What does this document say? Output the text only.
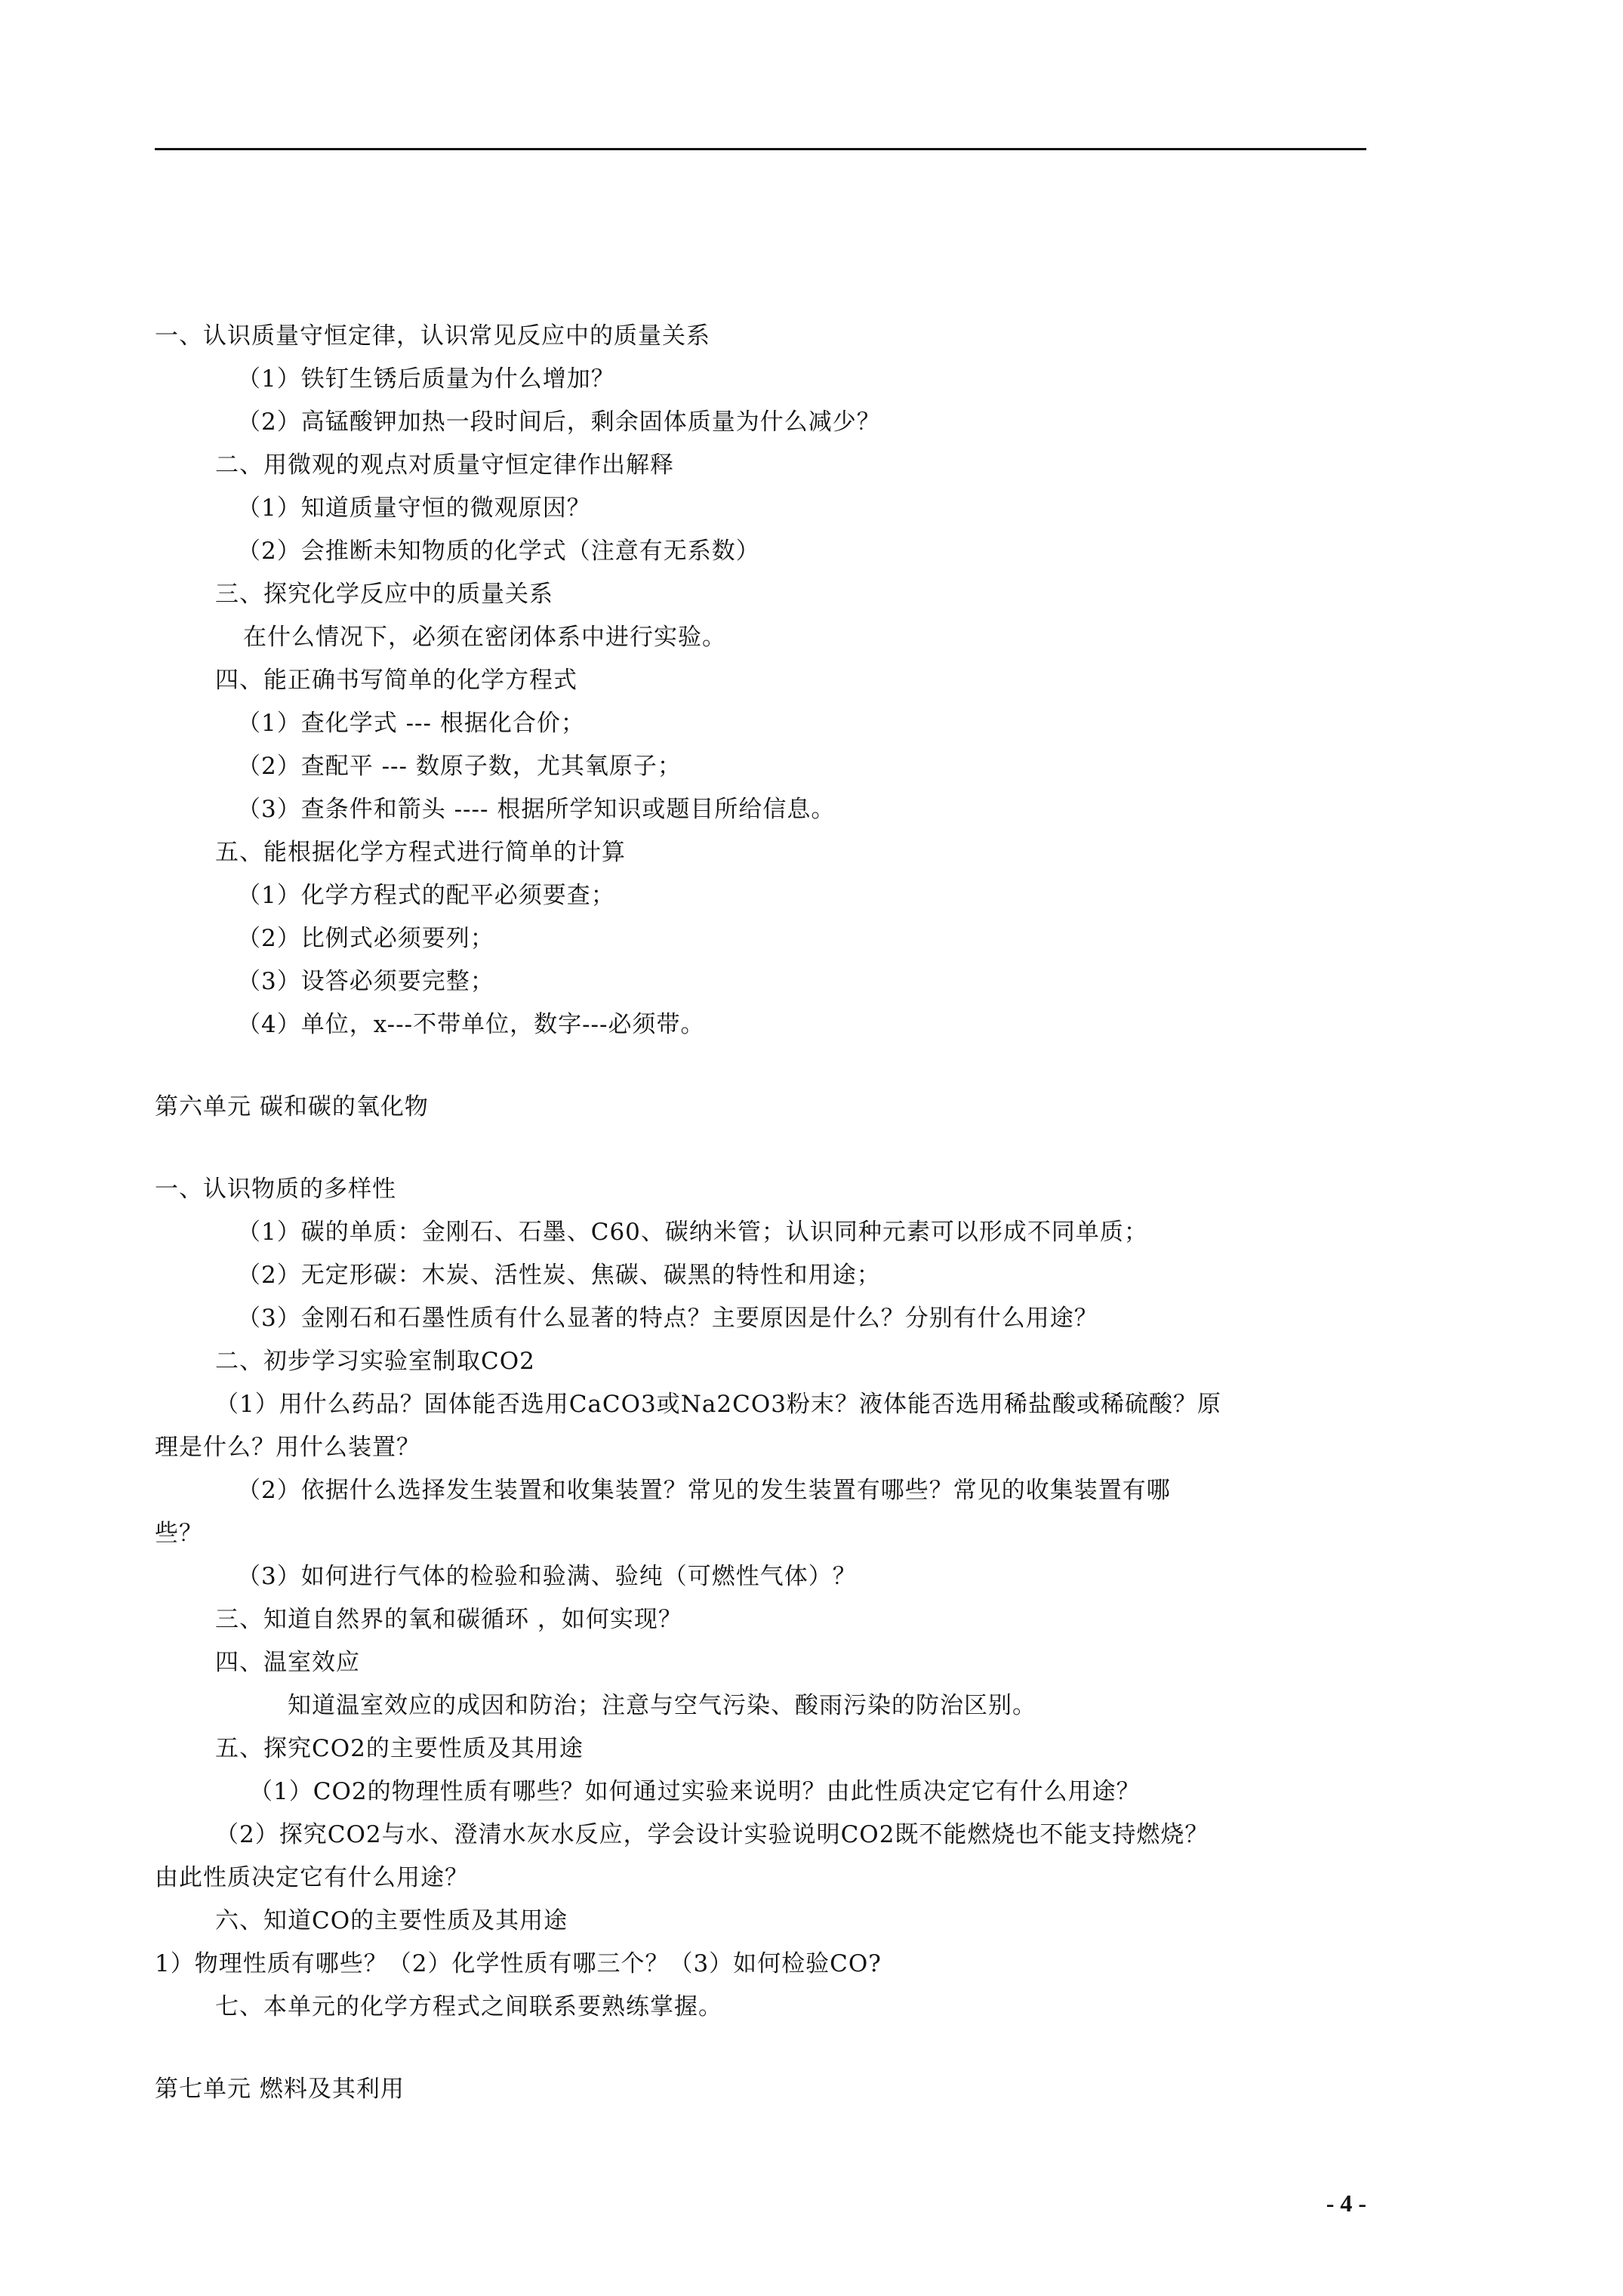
一、认识质量守恒定律，认识常见反应中的质量关系
（1）铁钉生锈后质量为什么增加？
（2）高锰酸钾加热一段时间后，剩余固体质量为什么减少？
二、用微观的观点对质量守恒定律作出解释
（1）知道质量守恒的微观原因？
（2）会推断未知物质的化学式（注意有无系数）
三、探究化学反应中的质量关系
在什么情况下，必须在密闭体系中进行实验。
四、能正确书写简单的化学方程式
（1）查化学式 --- 根据化合价；
（2）查配平 --- 数原子数，尤其氧原子；
（3）查条件和箭头 ---- 根据所学知识或题目所给信息。
五、能根据化学方程式进行简单的计算
（1）化学方程式的配平必须要查；
（2）比例式必须要列；
（3）设答必须要完整；
（4）单位，x---不带单位，数字---必须带。
第六单元 碳和碳的氧化物
一、认识物质的多样性
（1）碳的单质：金刚石、石墨、C60、碳纳米管；认识同种元素可以形成不同单质；
（2）无定形碳：木炭、活性炭、焦碳、碳黑的特性和用途；
（3）金刚石和石墨性质有什么显著的特点？主要原因是什么？分别有什么用途？
二、初步学习实验室制取CO2
（1）用什么药品？固体能否选用CaCO3或Na2CO3粉末？液体能否选用稀盐酸或稀硫酸？原
理是什么？用什么装置？
（2）依据什么选择发生装置和收集装置？常见的发生装置有哪些？常见的收集装置有哪
些？
（3）如何进行气体的检验和验满、验纯（可燃性气体）？
三、知道自然界的氧和碳循环 ，如何实现？
四、温室效应
知道温室效应的成因和防治；注意与空气污染、酸雨污染的防治区别。
五、探究CO2的主要性质及其用途
（1）CO2的物理性质有哪些？如何通过实验来说明？由此性质决定它有什么用途？
（2）探究CO2与水、澄清水灰水反应，学会设计实验说明CO2既不能燃烧也不能支持燃烧？
由此性质决定它有什么用途？
六、知道CO的主要性质及其用途
1）物理性质有哪些？（2）化学性质有哪三个？（3）如何检验CO?
七、本单元的化学方程式之间联系要熟练掌握。
第七单元 燃料及其利用
- 4 -
